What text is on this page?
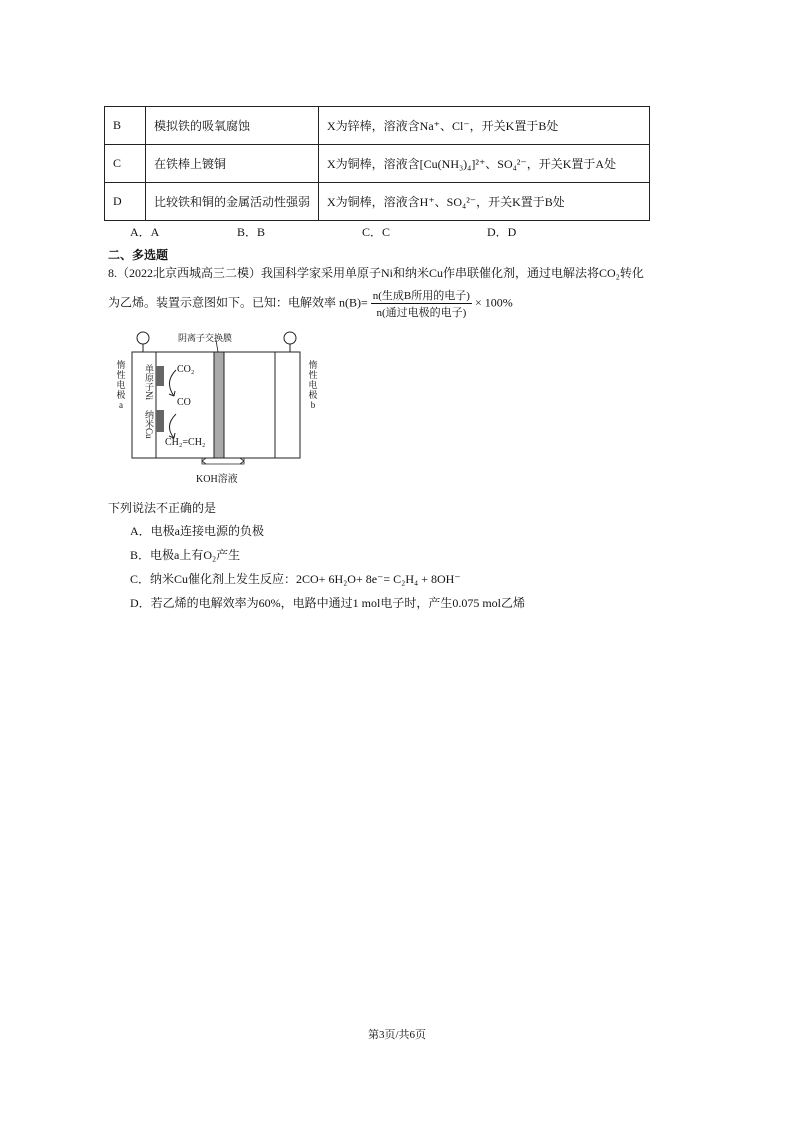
B	模拟铁的吸氧腐蚀	X为锌棒，溶液含Na⁺、Cl⁻，开关K置于B处
C	在铁棒上镀铜	X为铜棒，溶液含[Cu(NH₃)₄]²⁺、SO₄²⁻，开关K置于A处
D	比较铁和铜的金属活动性强弱	X为铜棒，溶液含H⁺、SO₄²⁻，开关K置于B处
A．A	B．B	C．C	D．D
二、多选题
8.（2022北京西城高三二模）我国科学家采用单原子Ni和纳米Cu作串联催化剂，通过电解法将CO₂转化
为乙烯。装置示意图如下。已知：电解效率 $n(B)= \frac{\text{n(生成B所用的电子)}}{\text{n(通过电极的电子)}} \times 100\%$
阴离子交换膜
惰
性
电
极
a
惰
性
电
极
b
单原子Ni
纳米Cu
CO₂
CO
CH₂=CH₂
KOH溶液
下列说法不正确的是
A．电极a连接电源的负极
B．电极a上有O₂产生
C．纳米Cu催化剂上发生反应：2CO+ 6H₂O+ 8e⁻= C₂H₄ + 8OH⁻
D．若乙烯的电解效率为60%，电路中通过1 mol电子时，产生0.075 mol乙烯
第3页/共6页
